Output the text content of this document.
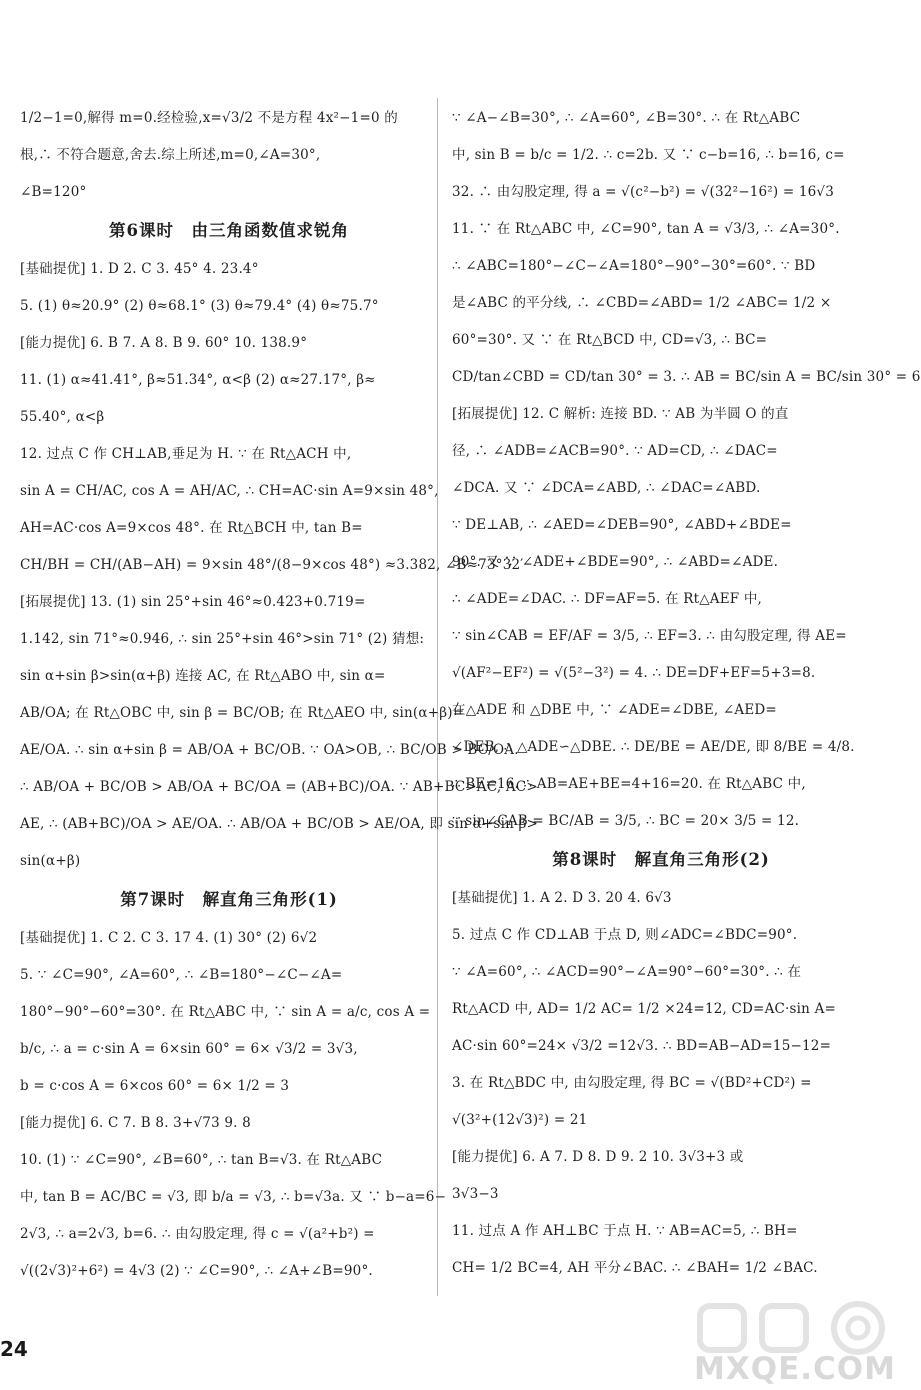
1/2−1=0,解得 m=0.经检验,x=√3/2 不是方程 4x²−1=0 的
根,∴ 不符合题意,舍去.综上所述,m=0,∠A=30°,
∠B=120°
第6课时　由三角函数值求锐角
[基础提优] 1. D 2. C 3. 45° 4. 23.4°
5. (1) θ≈20.9° (2) θ≈68.1° (3) θ≈79.4° (4) θ≈75.7°
[能力提优] 6. B 7. A 8. B 9. 60° 10. 138.9°
11. (1) α≈41.41°, β≈51.34°, α<β (2) α≈27.17°, β≈
55.40°, α<β
12. 过点 C 作 CH⊥AB,垂足为 H. ∵ 在 Rt△ACH 中,
sin A = CH/AC, cos A = AH/AC, ∴ CH=AC·sin A=9×sin 48°,
AH=AC·cos A=9×cos 48°. 在 Rt△BCH 中, tan B=
CH/BH = CH/(AB−AH) = 9×sin 48°/(8−9×cos 48°) ≈3.382, ∠B≈73°32′
[拓展提优] 13. (1) sin 25°+sin 46°≈0.423+0.719=
1.142, sin 71°≈0.946, ∴ sin 25°+sin 46°>sin 71° (2) 猜想:
sin α+sin β>sin(α+β) 连接 AC, 在 Rt△ABO 中, sin α=
AB/OA; 在 Rt△OBC 中, sin β = BC/OB; 在 Rt△AEO 中, sin(α+β)=
AE/OA. ∴ sin α+sin β = AB/OA + BC/OB. ∵ OA>OB, ∴ BC/OB > BC/OA.
∴ AB/OA + BC/OB > AB/OA + BC/OA = (AB+BC)/OA. ∵ AB+BC>AC, AC>
AE, ∴ (AB+BC)/OA > AE/OA. ∴ AB/OA + BC/OB > AE/OA, 即 sin α+sin β>
sin(α+β)
第7课时　解直角三角形(1)
[基础提优] 1. C 2. C 3. 17 4. (1) 30° (2) 6√2
5. ∵ ∠C=90°, ∠A=60°, ∴ ∠B=180°−∠C−∠A=
180°−90°−60°=30°. 在 Rt△ABC 中, ∵ sin A = a/c, cos A =
b/c, ∴ a = c·sin A = 6×sin 60° = 6× √3/2 = 3√3,
b = c·cos A = 6×cos 60° = 6× 1/2 = 3
[能力提优] 6. C 7. B 8. 3+√73 9. 8
10. (1) ∵ ∠C=90°, ∠B=60°, ∴ tan B=√3. 在 Rt△ABC
中, tan B = AC/BC = √3, 即 b/a = √3, ∴ b=√3a. 又 ∵ b−a=6−
2√3, ∴ a=2√3, b=6. ∴ 由勾股定理, 得 c = √(a²+b²) =
√((2√3)²+6²) = 4√3 (2) ∵ ∠C=90°, ∴ ∠A+∠B=90°.
∵ ∠A−∠B=30°, ∴ ∠A=60°, ∠B=30°. ∴ 在 Rt△ABC
中, sin B = b/c = 1/2. ∴ c=2b. 又 ∵ c−b=16, ∴ b=16, c=
32. ∴ 由勾股定理, 得 a = √(c²−b²) = √(32²−16²) = 16√3
11. ∵ 在 Rt△ABC 中, ∠C=90°, tan A = √3/3, ∴ ∠A=30°.
∴ ∠ABC=180°−∠C−∠A=180°−90°−30°=60°. ∵ BD
是∠ABC 的平分线, ∴ ∠CBD=∠ABD= 1/2 ∠ABC= 1/2 ×
60°=30°. 又 ∵ 在 Rt△BCD 中, CD=√3, ∴ BC=
CD/tan∠CBD = CD/tan 30° = 3. ∴ AB = BC/sin A = BC/sin 30° = 6
[拓展提优] 12. C 解析: 连接 BD. ∵ AB 为半圆 O 的直
径, ∴ ∠ADB=∠ACB=90°. ∵ AD=CD, ∴ ∠DAC=
∠DCA. 又 ∵ ∠DCA=∠ABD, ∴ ∠DAC=∠ABD.
∵ DE⊥AB, ∴ ∠AED=∠DEB=90°, ∠ABD+∠BDE=
90°. 又 ∵ ∠ADE+∠BDE=90°, ∴ ∠ABD=∠ADE.
∴ ∠ADE=∠DAC. ∴ DF=AF=5. 在 Rt△AEF 中,
∵ sin∠CAB = EF/AF = 3/5, ∴ EF=3. ∴ 由勾股定理, 得 AE=
√(AF²−EF²) = √(5²−3²) = 4. ∴ DE=DF+EF=5+3=8.
在△ADE 和 △DBE 中, ∵ ∠ADE=∠DBE, ∠AED=
∠DEB, ∴ △ADE∽△DBE. ∴ DE/BE = AE/DE, 即 8/BE = 4/8.
∴ BE=16. ∴ AB=AE+BE=4+16=20. 在 Rt△ABC 中,
∵ sin∠CAB = BC/AB = 3/5, ∴ BC = 20× 3/5 = 12.
第8课时　解直角三角形(2)
[基础提优] 1. A 2. D 3. 20 4. 6√3
5. 过点 C 作 CD⊥AB 于点 D, 则∠ADC=∠BDC=90°.
∵ ∠A=60°, ∴ ∠ACD=90°−∠A=90°−60°=30°. ∴ 在
Rt△ACD 中, AD= 1/2 AC= 1/2 ×24=12, CD=AC·sin A=
AC·sin 60°=24× √3/2 =12√3. ∴ BD=AB−AD=15−12=
3. 在 Rt△BDC 中, 由勾股定理, 得 BC = √(BD²+CD²) =
√(3²+(12√3)²) = 21
[能力提优] 6. A 7. D 8. D 9. 2 10. 3√3+3 或
3√3−3
11. 过点 A 作 AH⊥BC 于点 H. ∵ AB=AC=5, ∴ BH=
CH= 1/2 BC=4, AH 平分∠BAC. ∴ ∠BAH= 1/2 ∠BAC.
24
MXQE.COM
